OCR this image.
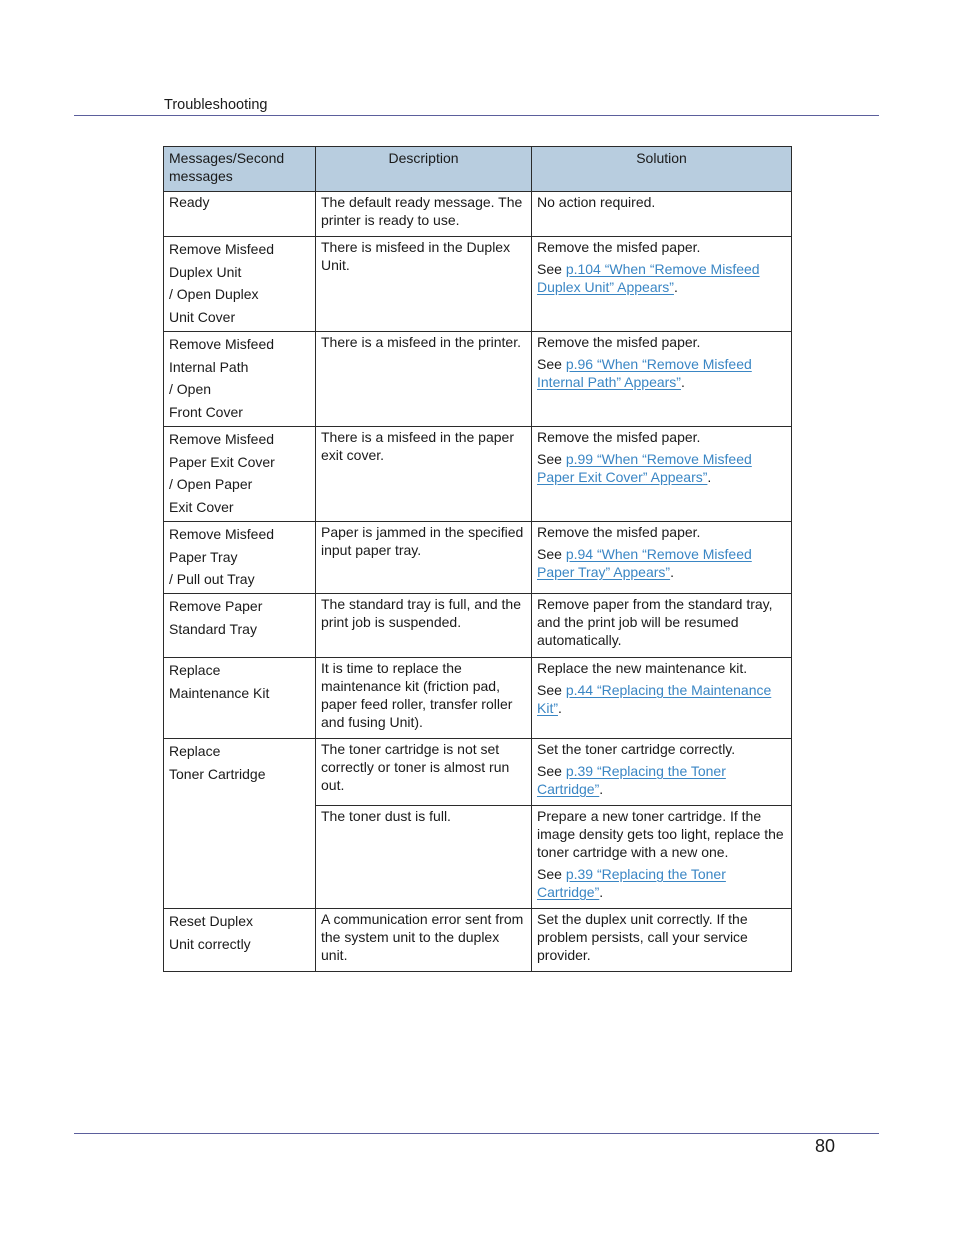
Troubleshooting
Messages/Second messages	Description	Solution

Ready	The default ready message. The printer is ready to use.	No action required.

Remove Misfeed
Duplex Unit
/ Open Duplex
Unit Cover	There is misfeed in the Duplex Unit.	Remove the misfed paper.
See p.104 “When “Remove Misfeed Duplex Unit” Appears”.

Remove Misfeed
Internal Path
/ Open
Front Cover	There is a misfeed in the printer.	Remove the misfed paper.
See p.96 “When “Remove Misfeed Internal Path” Appears”.

Remove Misfeed
Paper Exit Cover
/ Open Paper
Exit Cover	There is a misfeed in the paper exit cover.	Remove the misfed paper.
See p.99 “When “Remove Misfeed Paper Exit Cover” Appears”.

Remove Misfeed
Paper Tray
/ Pull out Tray	Paper is jammed in the specified input paper tray.	Remove the misfed paper.
See p.94 “When “Remove Misfeed Paper Tray” Appears”.

Remove Paper
Standard Tray	The standard tray is full, and the print job is suspended.	Remove paper from the standard tray, and the print job will be resumed automatically.

Replace
Maintenance Kit	It is time to replace the maintenance kit (friction pad, paper feed roller, transfer roller and fusing Unit).	Replace the new maintenance kit.
See p.44 “Replacing the Maintenance Kit”.

Replace
Toner Cartridge	The toner cartridge is not set correctly or toner is almost run out.	Set the toner cartridge correctly.
See p.39 “Replacing the Toner Cartridge”.

	The toner dust is full.	Prepare a new toner cartridge. If the image density gets too light, replace the toner cartridge with a new one.
See p.39 “Replacing the Toner Cartridge”.

Reset Duplex
Unit correctly	A communication error sent from the system unit to the duplex unit.	Set the duplex unit correctly. If the problem persists, call your service provider.
80
